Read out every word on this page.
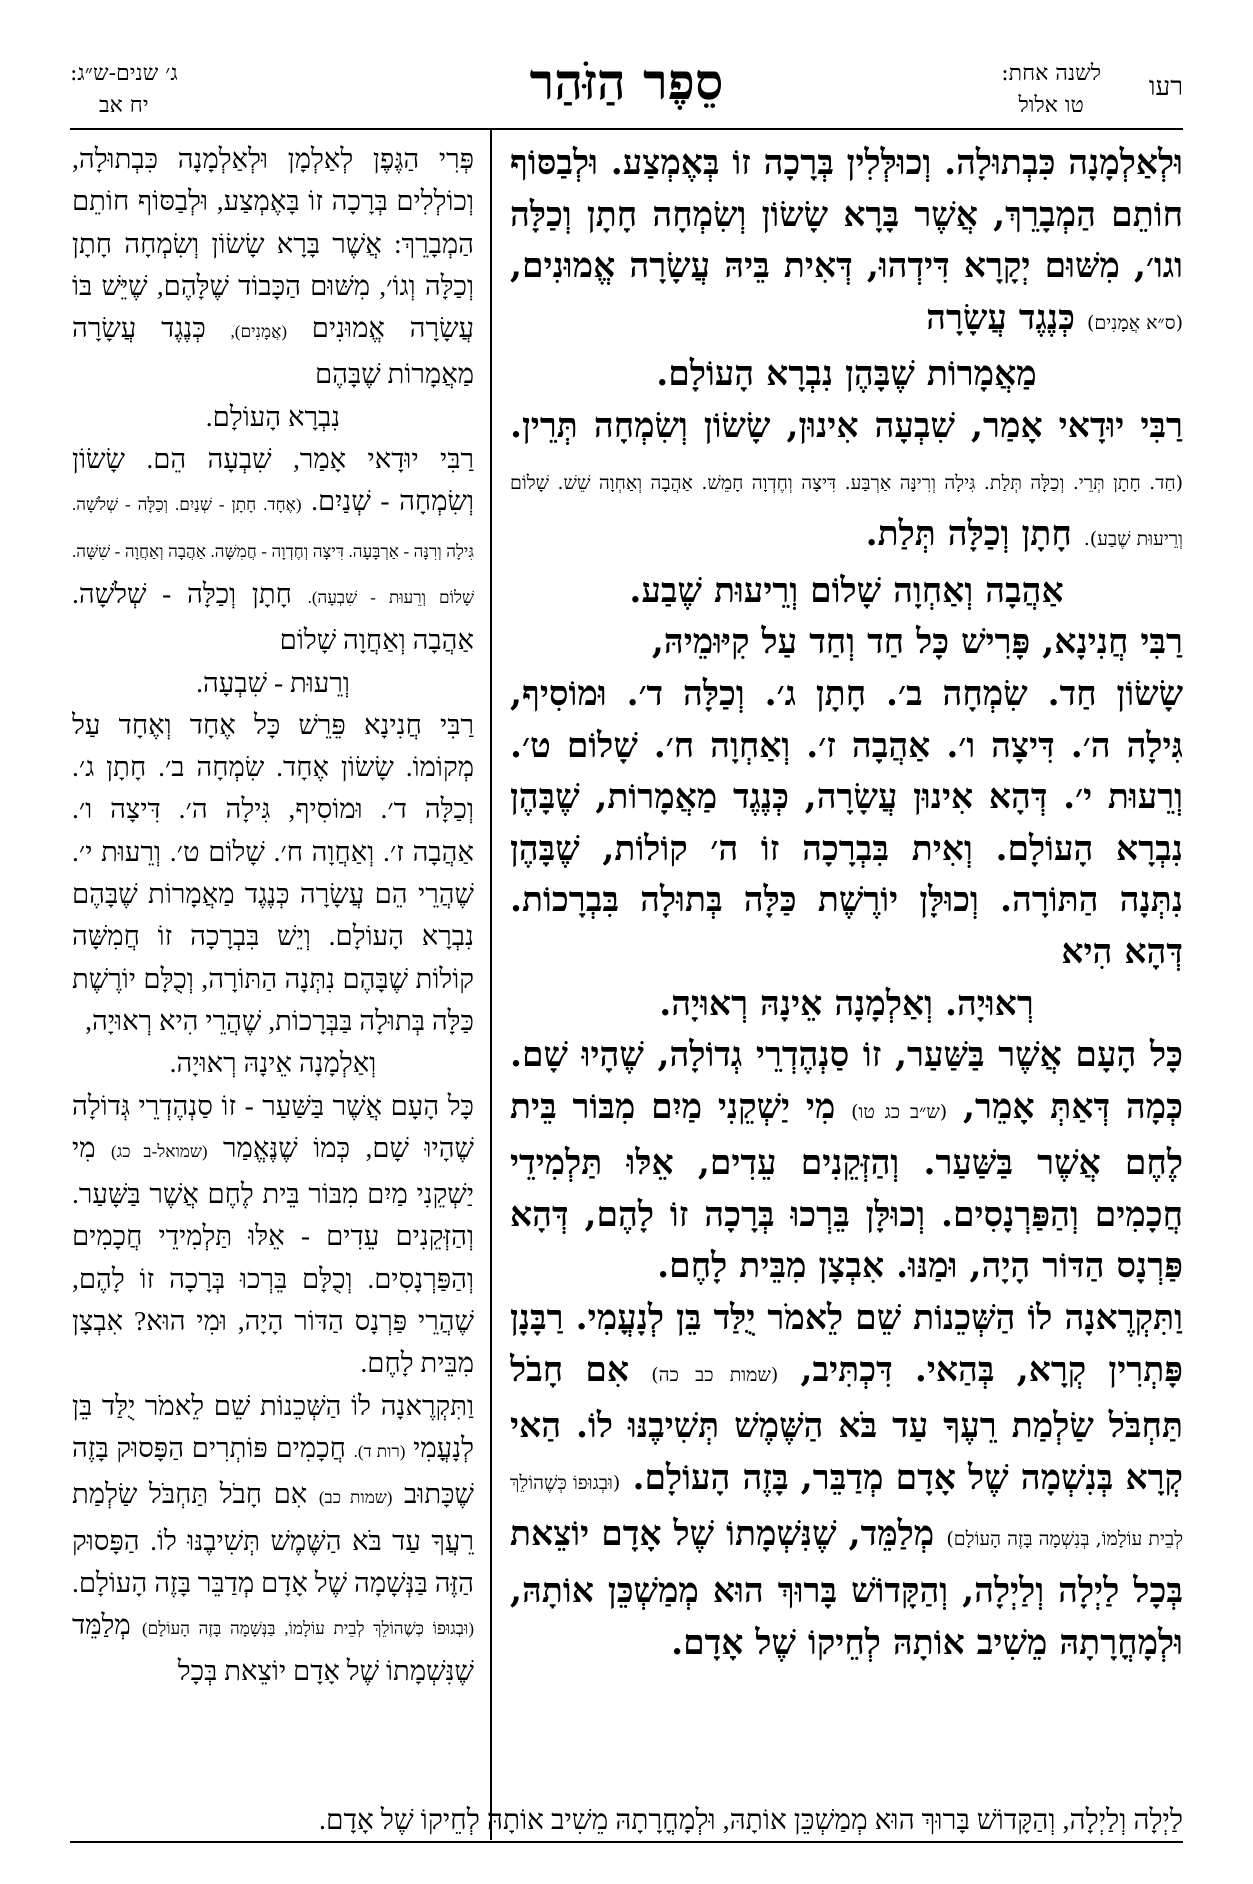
רעו
לשנה אחת:
טו אלול
סֵפֶר הַזֹּהַר
ג׳ שנים-ש״ג:
יח אב

וּלְאַלְמָנָה כִּבְתוּלָה. וְכוּלְּלִין בְּרָכָה זוֹ בְּאֶמְצַע. וּלְבַסּוֹף חוֹתֵם הַמְבָרֵךְ, אֲשֶׁר בָּרָא שָׂשׂוֹן וְשִׂמְחָה חָתָן וְכַלָּה וגו׳, מִשּׁוּם יְקָרָא דִּידְהוּ, דְּאִית בֵּיהּ עֲשָׂרָה אֱמוּנִים, (ס״א אֲמָנִים) כְּנֶגֶד עֲשָׂרָה

מַאֲמָרוֹת שֶׁבָּהֶן נִבְרָא הָעוֹלָם.

רַבִּי יוּדָאי אָמַר, שִׁבְעָה אִינוּן, שָׂשׂוֹן וְשִׂמְחָה תְּרֵין. (חַד. חָתָן תְּרֵי. וְכַלָּה תְּלַת. גִּילָה וְרִינָּה אַרְבַּע. דִּיצָה וְחֶדְוָה חָמֵשׁ. אַהֲבָה וְאַחְוָה שֵׁשׁ. שָׁלוֹם וְרֵיעוּת שֶׁבַע). חָתָן וְכַלָּה תְּלַת.

אַהֲבָה וְאַחְוָה שָׁלוֹם וְרֵיעוּת שֶׁבַע.

רַבִּי חֲנִינָא, פָּרִישׁ כָּל חַד וְחַד עַל קִיּוּמֵיהּ,

שָׂשׂוֹן חַד. שִׂמְחָה ב׳. חָתָן ג׳. וְכַלָּה ד׳. וּמוֹסִיף, גִּילָה ה׳. דִּיצָה ו׳. אַהֲבָה ז׳. וְאַחְוָה ח׳. שָׁלוֹם ט׳. וְרֵעוּת י׳. דְּהָא אִינוּן עֲשָׂרָה, כְּנֶגֶד מַאֲמָרוֹת, שֶׁבָּהֶן נִבְרָא הָעוֹלָם. וְאִית בִּבְרָכָה זוֹ ה׳ קוֹלוֹת, שֶׁבָּהֶן נִתְּנָה הַתּוֹרָה. וְכוּלָּן יוֹרֶשֶׁת כַּלָּה בְּתוּלָה בִּבְרָכוֹת. דְּהָא הִיא

רְאוּיָה. וְאַלְמָנָה אֵינָהּ רְאוּיָה.

כָּל הָעָם אֲשֶׁר בַּשַּׁעַר, זוֹ סַנְהֶדְרֵי גְדוֹלָה, שֶׁהָיוּ שָׁם. כְּמָה דְּאַתְּ אָמֵר, (ש״ב כג טו) מִי יַשְׁקֵנִי מַיִם מִבּוֹר בֵּית לֶחֶם אֲשֶׁר בַּשַּׁעַר. וְהַזְּקֵנִים עֵדִים, אֵלּוּ תַּלְמִידֵי חֲכָמִים וְהַפַּרְנָסִים. וְכוּלָּן בֵּרְכוּ בְּרָכָה זוֹ לָהֶם, דְּהָא פַּרְנָס הַדּוֹר הָיָה, וּמַנּוּ. אִבְצָן מִבֵּית לָחֶם.

וַתִּקְרֶאנָה לוֹ הַשְּׁכֵנוֹת שֵׁם לֵאמֹר יֻלַּד בֵּן לְנָעֳמִי. רַבָּנָן פָּתְרִין קְרָא, בְּהַאי. דִּכְתִּיב, (שמות כב כה) אִם חָבֹל תַּחְבֹּל שַׂלְמַת רֵעֶךָ עַד בֹּא הַשֶּׁמֶשׁ תְּשִׁיבֶנּוּ לוֹ. הַאי קְרָא בְּנִשְׁמָה שֶׁל אָדָם מְדַבֵּר, בָּזֶה הָעוֹלָם. (וּבְגוּפוֹ כְּשֶׁהוֹלֵךְ לְבֵית עוֹלָמוֹ, בְּנִשְׁמָה בָּזֶה הָעוֹלָם) מְלַמֵּד, שֶׁנִּשְׁמָתוֹ שֶׁל אָדָם יוֹצֵאת בְּכָל לַיְלָה וְלַיְלָה, וְהַקָּדוֹשׁ בָּרוּךְ הוּא מְמַשְׁכֵּן אוֹתָהּ, וּלְמָחֳרָתָהּ מֵשִׁיב אוֹתָהּ לְחֵיקוֹ שֶׁל אָדָם.

פְּרִי הַגֶּפֶן לְאַלְמָן וּלְאַלְמָנָה כִּבְתוּלָה, וְכוֹלְלִים בְּרָכָה זוֹ בָּאֶמְצַע, וּלְבַסּוֹף חוֹתֵם הַמְבָרֵךְ: אֲשֶׁר בָּרָא שָׂשׂוֹן וְשִׂמְחָה חָתָן וְכַלָּה וְגוֹ׳, מִשּׁוּם הַכָּבוֹד שֶׁלָּהֶם, שֶׁיֵּשׁ בּוֹ עֲשָׂרָה אֱמוּנִים (אֲמָנִים), כְּנֶגֶד עֲשָׂרָה מַאֲמָרוֹת שֶׁבָּהֶם

נִבְרָא הָעוֹלָם.

רַבִּי יוּדָאי אָמַר, שִׁבְעָה הֵם. שָׂשׂוֹן וְשִׂמְחָה - שְׁנַיִם. (אֶחָד. חָתָן - שְׁנַיִם. וְכַלָּה - שְׁלֹשָׁה. גִּילָה וְרִנָּה - אַרְבָּעָה. דִּיצָה וְחֶדְוָה - חֲמִשָּׁה. אַהֲבָה וְאַחֲוָה - שִׁשָּׁה. שָׁלוֹם וְרֵעוּת - שִׁבְעָה). חָתָן וְכַלָּה - שְׁלֹשָׁה. אַהֲבָה וְאַחֲוָה שָׁלוֹם

וְרֵעוּת - שִׁבְעָה.

רַבִּי חֲנִינָא פֵּרֵשׁ כָּל אֶחָד וְאֶחָד עַל מְקוֹמוֹ. שָׂשׂוֹן אֶחָד. שִׂמְחָה ב׳. חָתָן ג׳. וְכַלָּה ד׳. וּמוֹסִיף, גִּילָה ה׳. דִּיצָה ו׳. אַהֲבָה ז׳. וְאַחֲוָה ח׳. שָׁלוֹם ט׳. וְרֵעוּת י׳. שֶׁהֲרֵי הֵם עֲשָׂרָה כְּנֶגֶד מַאֲמָרוֹת שֶׁבָּהֶם נִבְרָא הָעוֹלָם. וְיֵשׁ בִּבְרָכָה זוֹ חֲמִשָּׁה קוֹלוֹת שֶׁבָּהֶם נִתְּנָה הַתּוֹרָה, וְכֻלָּם יוֹרֶשֶׁת כַּלָּה בְּתוּלָה בַּבְּרָכוֹת, שֶׁהֲרֵי הִיא רְאוּיָה,

וְאַלְמָנָה אֵינָהּ רְאוּיָה.

כָּל הָעָם אֲשֶׁר בַּשַּׁעַר - זוֹ סַנְהֶדְרֵי גְּדוֹלָה שֶׁהָיוּ שָׁם, כְּמוֹ שֶׁנֶּאֱמַר (שמואל-ב כג) מִי יַשְׁקֵנִי מַיִם מִבּוֹר בֵּית לֶחֶם אֲשֶׁר בַּשָּׁעַר. וְהַזְּקֵנִים עֵדִים - אֵלּוּ תַּלְמִידֵי חֲכָמִים וְהַפַּרְנָסִים. וְכֻלָּם בֵּרְכוּ בְּרָכָה זוֹ לָהֶם, שֶׁהֲרֵי פַּרְנָס הַדּוֹר הָיָה, וּמִי הוּא? אִבְצָן מִבֵּית לָחֶם.

וַתִּקְרֶאנָה לוֹ הַשְּׁכֵנוֹת שֵׁם לֵאמֹר יֻלַּד בֵּן לְנָעֳמִי (רות ד). חֲכָמִים פּוֹתְרִים הַפָּסוּק בָּזֶה שֶׁכָּתוּב (שמות כב) אִם חָבֹל תַּחְבֹּל שַׂלְמַת רֵעֲךָ עַד בֹּא הַשֶּׁמֶשׁ תְּשִׁיבֶנּוּ לוֹ. הַפָּסוּק הַזֶּה בַּנְּשָׁמָה שֶׁל אָדָם מְדַבֵּר בָּזֶה הָעוֹלָם. (וּבְגוּפוֹ כְּשֶׁהוֹלֵךְ לְבֵית עוֹלָמוֹ, בַּנְּשָׁמָה בָּזֶה הָעוֹלָם) מְלַמֵּד שֶׁנִּשְׁמָתוֹ שֶׁל אָדָם יוֹצֵאת בְּכָל

לַיְלָה וְלַיְלָה, וְהַקָּדוֹשׁ בָּרוּךְ הוּא מְמַשְׁכֵּן אוֹתָהּ, וּלְמָחֳרָתָהּ מֵשִׁיב אוֹתָהּ לְחֵיקוֹ שֶׁל אָדָם.
